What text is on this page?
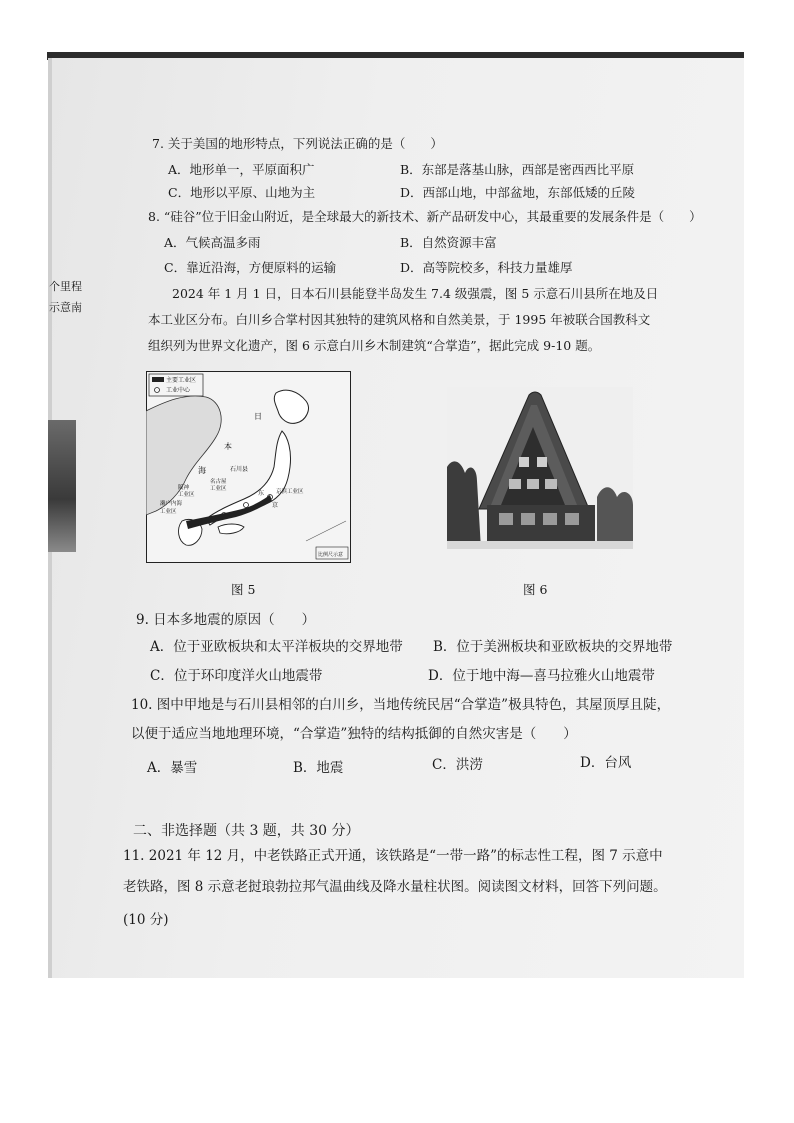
个里程
示意南
7. 关于美国的地形特点，下列说法正确的是（　　）
A．地形单一，平原面积广	B．东部是落基山脉，西部是密西西比平原
C．地形以平原、山地为主	D．西部山地，中部盆地，东部低矮的丘陵
8. “硅谷”位于旧金山附近，是全球最大的新技术、新产品研发中心，其最重要的发展条件是（　　）
A．气候高温多雨	B．自然资源丰富
C．靠近沿海，方便原料的运输	D．高等院校多，科技力量雄厚
2024 年 1 月 1 日，日本石川县能登半岛发生 7.4 级强震，图 5 示意石川县所在地及日
本工业区分布。白川乡合掌村因其独特的建筑风格和自然美景，于 1995 年被联合国教科文
组织列为世界文化遗产，图 6 示意白川乡木制建筑“合掌造”，据此完成 9-10 题。
主要工业区
工业中心
日
本
海	石川县
名古屋
工业区	京滨工业区
阪神
工业区
濑户内海
工业区
东
京
比例尺示意
图 5	图 6
9. 日本多地震的原因（　　）
A．位于亚欧板块和太平洋板块的交界地带 B．位于美洲板块和亚欧板块的交界地带
C．位于环印度洋火山地震带	D．位于地中海—喜马拉雅火山地震带
10. 图中甲地是与石川县相邻的白川乡，当地传统民居“合掌造”极具特色，其屋顶厚且陡，
以便于适应当地地理环境，“合掌造”独特的结构抵御的自然灾害是（　　）
A．暴雪	B．地震	C．洪涝	D．台风
二、非选择题（共 3 题，共 30 分）
11. 2021 年 12 月，中老铁路正式开通，该铁路是“一带一路”的标志性工程，图 7 示意中
老铁路，图 8 示意老挝琅勃拉邦气温曲线及降水量柱状图。阅读图文材料，回答下列问题。
(10 分)
